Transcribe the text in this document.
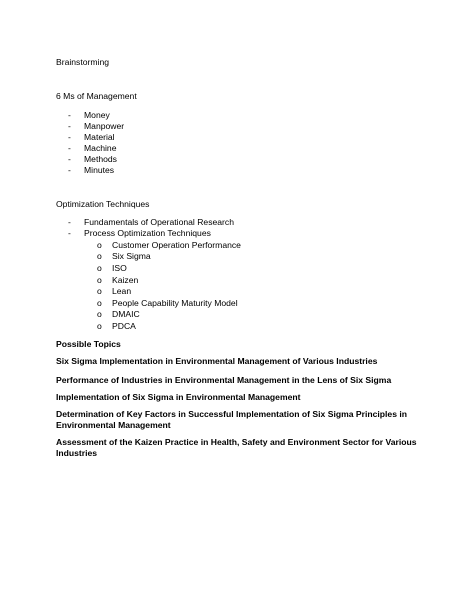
Brainstorming
6 Ms of Management
-	Money
-	Manpower
-	Material
-	Machine
-	Methods
-	Minutes
Optimization Techniques
-	Fundamentals of Operational Research
-	Process Optimization Techniques
o	Customer Operation Performance
o	Six Sigma
o	ISO
o	Kaizen
o	Lean
o	People Capability Maturity Model
o	DMAIC
o	PDCA
Possible Topics
Six Sigma Implementation in Environmental Management of Various Industries
Performance of Industries in Environmental Management in the Lens of Six Sigma
Implementation of Six Sigma in Environmental Management
Determination of Key Factors in Successful Implementation of Six Sigma Principles in Environmental Management
Assessment of the Kaizen Practice in Health, Safety and Environment Sector for Various Industries
